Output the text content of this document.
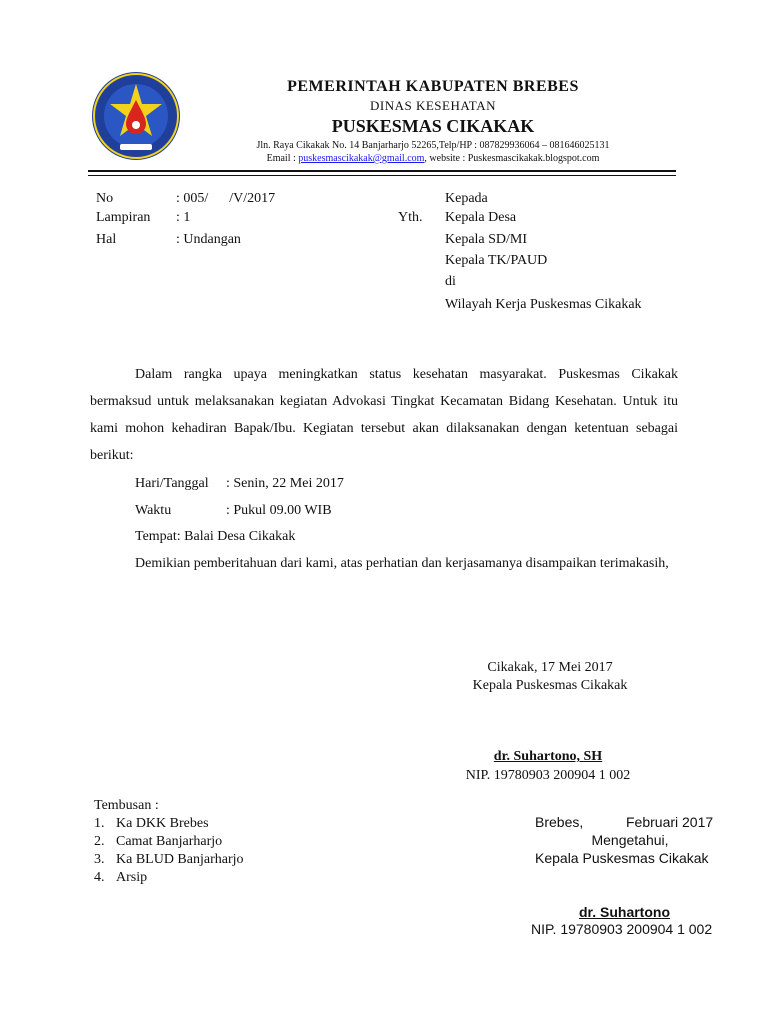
PEMERINTAH KABUPATEN BREBES
DINAS KESEHATAN
PUSKESMAS CIKAKAK
Jln. Raya Cikakak No. 14 Banjarharjo 52265,Telp/HP : 087829936064 – 081646025131
Email : puskesmascikakak@gmail.com, website : Puskesmascikakak.blogspot.com
No	: 005/      /V/2017
Lampiran : 1
Hal	: Undangan
Kepada
Yth. Kepala Desa
Kepala SD/MI
Kepala TK/PAUD
di
Wilayah Kerja Puskesmas Cikakak
Dalam rangka upaya meningkatkan status kesehatan masyarakat. Puskesmas Cikakak bermaksud untuk melaksanakan kegiatan Advokasi Tingkat Kecamatan Bidang Kesehatan. Untuk itu kami mohon kehadiran Bapak/Ibu. Kegiatan tersebut akan dilaksanakan dengan ketentuan sebagai berikut:
Hari/Tanggal : Senin, 22 Mei 2017
Waktu	: Pukul 09.00 WIB
Tempat: Balai Desa Cikakak
Demikian pemberitahuan dari kami, atas perhatian dan kerjasamanya disampaikan terimakasih,
Cikakak, 17 Mei 2017
Kepala Puskesmas Cikakak
dr. Suhartono, SH
NIP. 19780903 200904 1 002
Tembusan :
1. Ka DKK Brebes
2. Camat Banjarharjo
3. Ka BLUD Banjarharjo
4. Arsip
Brebes,	Februari 2017
Mengetahui,
Kepala Puskesmas Cikakak
dr. Suhartono
NIP. 19780903 200904 1 002
